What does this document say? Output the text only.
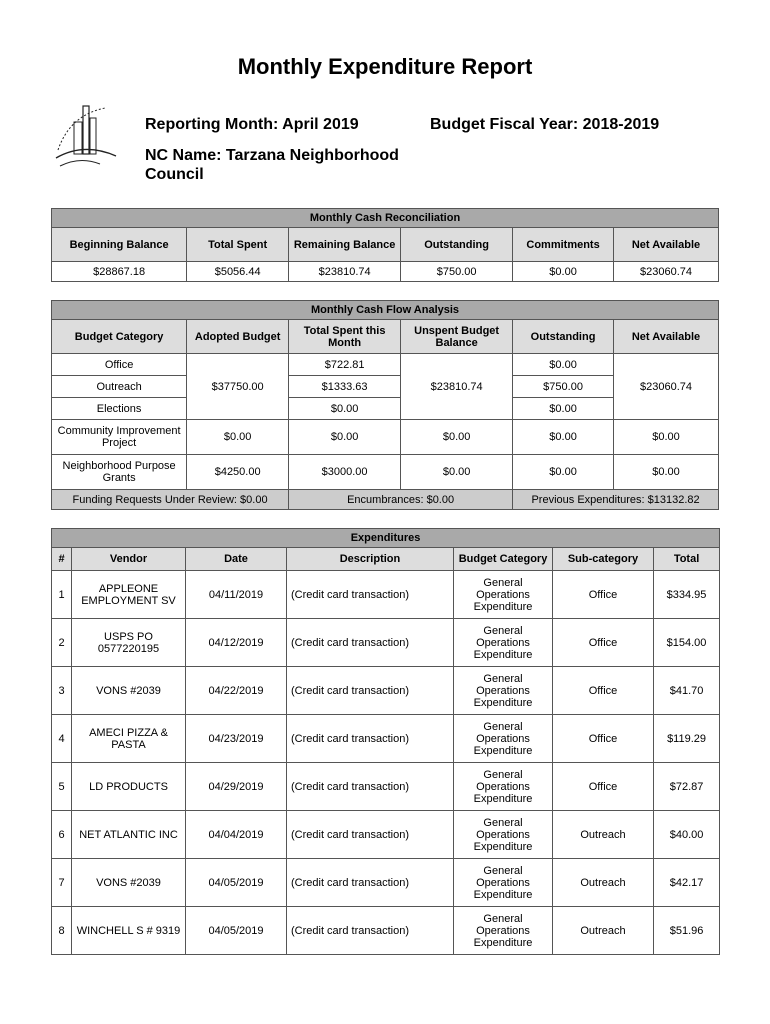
Monthly Expenditure Report
Reporting Month: April 2019	Budget Fiscal Year: 2018-2019
NC Name: Tarzana Neighborhood
Council
Monthly Cash Reconciliation					
Beginning Balance	Total Spent	Remaining Balance	Outstanding	Commitments	Net Available
$28867.18	$5056.44	$23810.74	$750.00	$0.00	$23060.74
Monthly Cash Flow Analysis					
Budget Category	Adopted Budget	Total Spent this Month	Unspent Budget Balance	Outstanding	Net Available
Office	$37750.00	$722.81	$23810.74	$0.00	$23060.74
Outreach		$1333.63		$750.00	
Elections		$0.00		$0.00	
Community Improvement Project	$0.00	$0.00	$0.00	$0.00	$0.00
Neighborhood Purpose Grants	$4250.00	$3000.00	$0.00	$0.00	$0.00
Funding Requests Under Review: $0.00		Encumbrances: $0.00		Previous Expenditures: $13132.82	
Expenditures						
#	Vendor	Date	Description	Budget Category	Sub-category	Total
1	APPLEONE EMPLOYMENT SV	04/11/2019	(Credit card transaction)	General Operations Expenditure	Office	$334.95
2	USPS PO 0577220195	04/12/2019	(Credit card transaction)	General Operations Expenditure	Office	$154.00
3	VONS #2039	04/22/2019	(Credit card transaction)	General Operations Expenditure	Office	$41.70
4	AMECI PIZZA & PASTA	04/23/2019	(Credit card transaction)	General Operations Expenditure	Office	$119.29
5	LD PRODUCTS	04/29/2019	(Credit card transaction)	General Operations Expenditure	Office	$72.87
6	NET ATLANTIC INC	04/04/2019	(Credit card transaction)	General Operations Expenditure	Outreach	$40.00
7	VONS #2039	04/05/2019	(Credit card transaction)	General Operations Expenditure	Outreach	$42.17
8	WINCHELL S # 9319	04/05/2019	(Credit card transaction)	General Operations Expenditure	Outreach	$51.96
